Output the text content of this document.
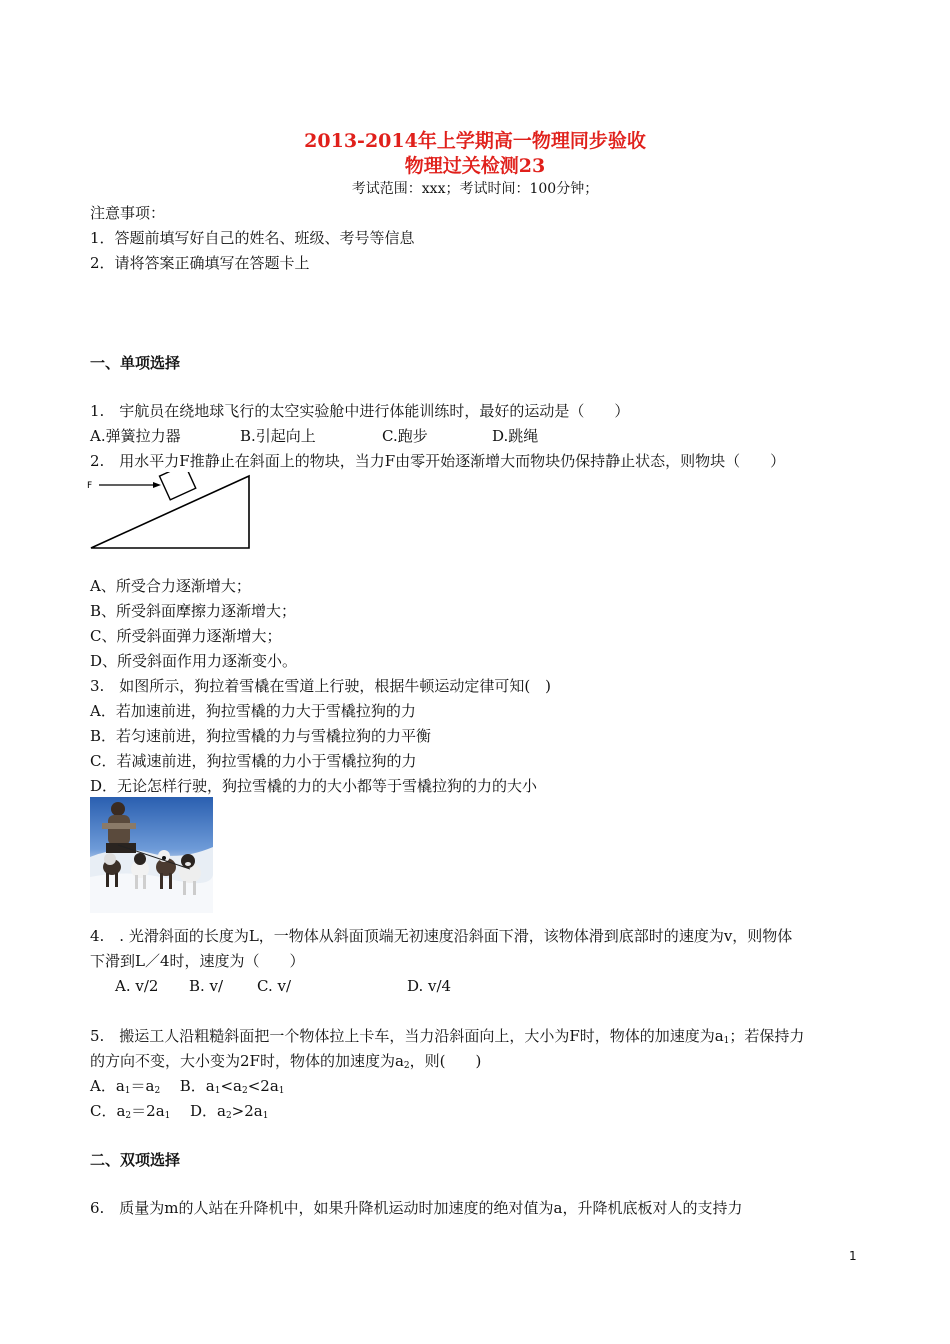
2013-2014年上学期高一物理同步验收
物理过关检测23
考试范围：xxx；考试时间：100分钟；
注意事项：
1．答题前填写好自己的姓名、班级、考号等信息
2．请将答案正确填写在答题卡上
一、单项选择
1.　宇航员在绕地球飞行的太空实验舱中进行体能训练时，最好的运动是（　　）
A.弹簧拉力器	B.引起向上	C.跑步	D.跳绳
2.　用水平力F推静止在斜面上的物块，当力F由零开始逐渐增大而物块仍保持静止状态，则物块（　　）
F
A、所受合力逐渐增大；
B、所受斜面摩擦力逐渐增大；
C、所受斜面弹力逐渐增大；
D、所受斜面作用力逐渐变小。
3.　如图所示，狗拉着雪橇在雪道上行驶，根据牛顿运动定律可知(　)
A．若加速前进，狗拉雪橇的力大于雪橇拉狗的力
B．若匀速前进，狗拉雪橇的力与雪橇拉狗的力平衡
C．若减速前进，狗拉雪橇的力小于雪橇拉狗的力
D．无论怎样行驶，狗拉雪橇的力的大小都等于雪橇拉狗的力的大小
4.　. 光滑斜面的长度为L，一物体从斜面顶端无初速度沿斜面下滑，该物体滑到底部时的速度为v，则物体
下滑到L／4时，速度为（　　）
A. v/2 B. v/ C. v/	D. v/4
5.　搬运工人沿粗糙斜面把一个物体拉上卡车，当力沿斜面向上，大小为F时，物体的加速度为$a_1$；若保持力
的方向不变，大小变为2F时，物体的加速度为$a_2$，则(　　)
A．$a_1=a_2$ B．$a_1<a_2<2a_1$
C．$a_2=2a_1$ D．$a_2>2a_1$
二、双项选择
6.　质量为m的人站在升降机中，如果升降机运动时加速度的绝对值为a，升降机底板对人的支持力
1
